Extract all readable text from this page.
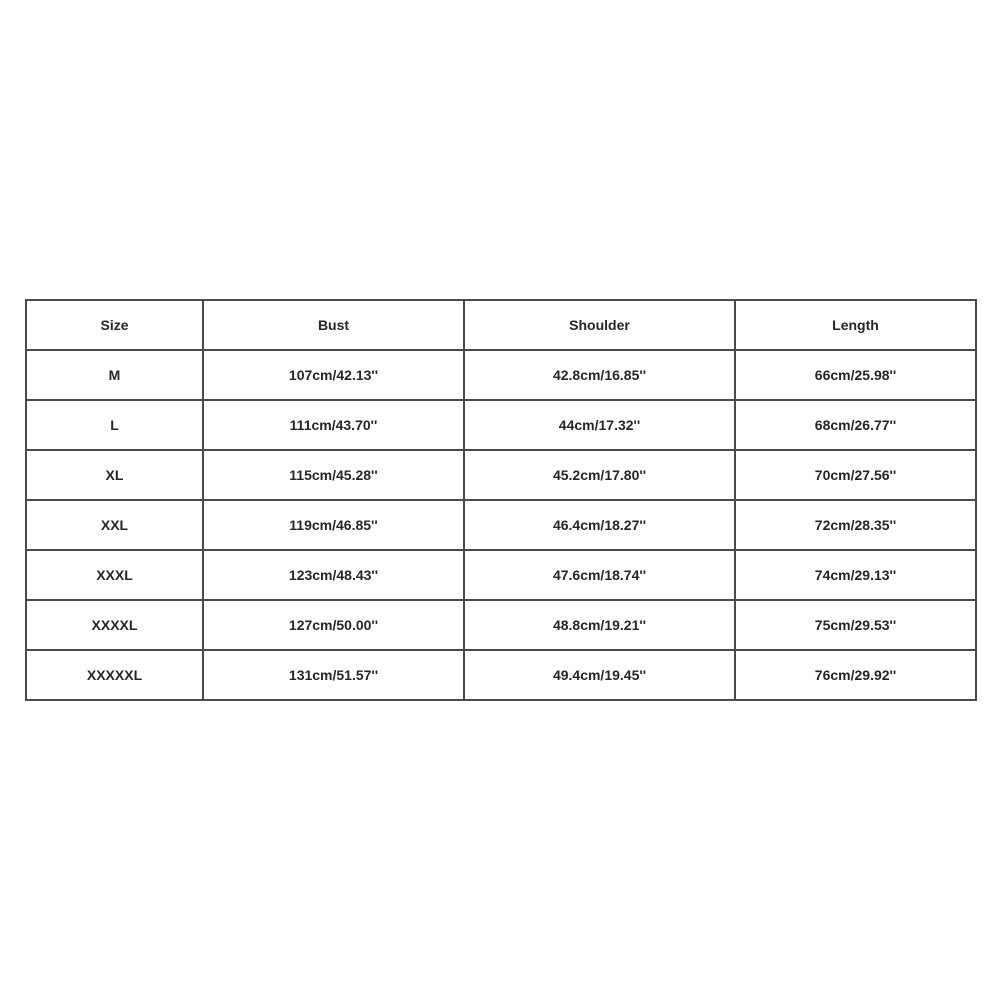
Size	Bust	Shoulder	Length
M	107cm/42.13''	42.8cm/16.85''	66cm/25.98''
L	111cm/43.70''	44cm/17.32''	68cm/26.77''
XL	115cm/45.28''	45.2cm/17.80''	70cm/27.56''
XXL	119cm/46.85''	46.4cm/18.27''	72cm/28.35''
XXXL	123cm/48.43''	47.6cm/18.74''	74cm/29.13''
XXXXL	127cm/50.00''	48.8cm/19.21''	75cm/29.53''
XXXXXL	131cm/51.57''	49.4cm/19.45''	76cm/29.92''
